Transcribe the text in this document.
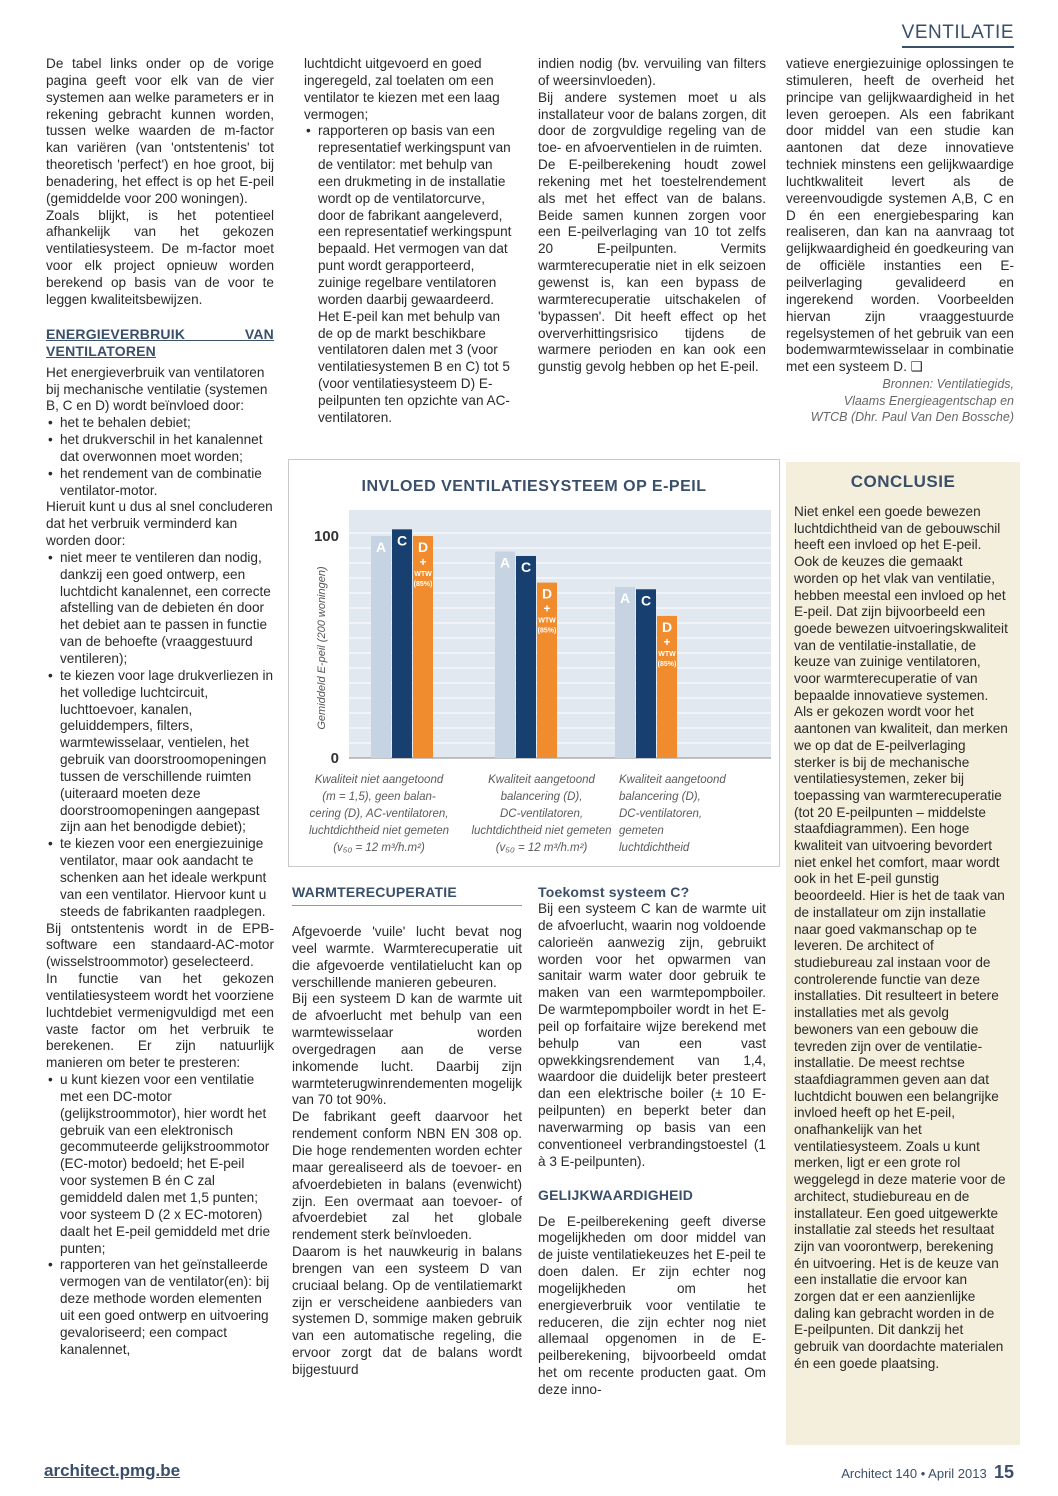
VENTILATIE

De tabel links onder op de vorige pagina geeft voor elk van de vier systemen aan welke parameters er in rekening gebracht kunnen worden, tussen welke waarden de m-factor kan variëren (van 'ontstentenis' tot theoretisch 'perfect') en hoe groot, bij benadering, het effect is op het E-peil (gemiddelde voor 200 woningen).

Zoals blijkt, is het potentieel afhankelijk van het gekozen ventilatiesysteem. De m-factor moet voor elk project opnieuw worden berekend op basis van de voor te leggen kwaliteitsbewijzen.

ENERGIEVERBRUIK VAN VENTILATOREN

Het energieverbruik van ventilatoren bij mechanische ventilatie (systemen B, C en D) wordt beïnvloed door:

• het te behalen debiet;

• het drukverschil in het kanalennet dat overwonnen moet worden;

• het rendement van de combinatie ventilator-motor.

Hieruit kunt u dus al snel concluderen dat het verbruik verminderd kan worden door:

• niet meer te ventileren dan nodig, dankzij een goed ontwerp, een luchtdicht kanalennet, een correcte afstelling van de debieten én door het debiet aan te passen in functie van de behoefte (vraaggestuurd ventileren);

• te kiezen voor lage drukverliezen in het volledige luchtcircuit, luchttoevoer, kanalen, geluiddempers, filters, warmtewisselaar, ventielen, het gebruik van doorstroomopeningen tussen de verschillende ruimten (uiteraard moeten deze doorstroomopeningen aangepast zijn aan het benodigde debiet);

• te kiezen voor een energiezuinige ventilator, maar ook aandacht te schenken aan het ideale werkpunt van een ventilator. Hiervoor kunt u steeds de fabrikanten raadplegen.

Bij ontstentenis wordt in de EPB-software een standaard-AC-motor (wisselstroommotor) geselecteerd.

In functie van het gekozen ventilatiesysteem wordt het voorziene luchtdebiet vermenigvuldigd met een vaste factor om het verbruik te berekenen. Er zijn natuurlijk manieren om beter te presteren:

• u kunt kiezen voor een ventilatie met een DC-motor (gelijkstroommotor), hier wordt het gebruik van een elektronisch gecommuteerde gelijkstroommotor (EC-motor) bedoeld; het E-peil voor systemen B én C zal gemiddeld dalen met 1,5 punten; voor systeem D (2 x EC-motoren) daalt het E-peil gemiddeld met drie punten;

• rapporteren van het geïnstalleerde vermogen van de ventilator(en): bij deze methode worden elementen uit een goed ontwerp en uitvoering gevaloriseerd; een compact kanalennet,

luchtdicht uitgevoerd en goed ingeregeld, zal toelaten om een ventilator te kiezen met een laag vermogen;

• rapporteren op basis van een representatief werkingspunt van de ventilator: met behulp van een drukmeting in de installatie wordt op de ventilatorcurve, door de fabrikant aangeleverd, een representatief werkingspunt bepaald. Het vermogen van dat punt wordt gerapporteerd, zuinige regelbare ventilatoren worden daarbij gewaardeerd. Het E-peil kan met behulp van de op de markt beschikbare ventilatoren dalen met 3 (voor ventilatiesystemen B en C) tot 5 (voor ventilatiesysteem D) E-peilpunten ten opzichte van AC-ventilatoren.

indien nodig (bv. vervuiling van filters of weersinvloeden).

Bij andere systemen moet u als installateur voor de balans zorgen, dit door de zorgvuldige regeling van de toe- en afvoerventielen in de ruimten.

De E-peilberekening houdt zowel rekening met het toestelrendement als met het effect van de balans. Beide samen kunnen zorgen voor een E-peilverlaging van 10 tot zelfs 20 E-peilpunten. Vermits warmterecuperatie niet in elk seizoen gewenst is, kan een bypass de warmterecuperatie uitschakelen of 'bypassen'. Dit heeft effect op het oververhittingsrisico tijdens de warmere perioden en kan ook een gunstig gevolg hebben op het E-peil.

vatieve energiezuinige oplossingen te stimuleren, heeft de overheid het principe van gelijkwaardigheid in het leven geroepen. Als een fabrikant door middel van een studie kan aantonen dat deze innovatieve techniek minstens een gelijkwaardige luchtkwaliteit levert als de vereenvoudigde systemen A,B, C en D én een energiebesparing kan realiseren, dan kan na aanvraag tot gelijkwaardigheid én goedkeuring van de officiële instanties een E-peilverlaging gevalideerd en ingerekend worden. Voorbeelden hiervan zijn vraaggestuurde regelsystemen of het gebruik van een bodemwarmtewisselaar in combinatie met een systeem D. ❑

Bronnen: Ventilatiegids,

Vlaams Energieagentschap en

WTCB (Dhr. Paul Van Den Bossche)

INVLOED VENTILATIESYSTEEM OP E-PEIL
100
0
Gemiddeld E-peil (200 woningen)
A C D
+
WTW
(85%)
A C
D
+
WTW
(85%)
A C
D
+
WTW
(85%)
Kwaliteit niet aangetoond
(m = 1,5), geen balan-
cering (D), AC-ventilatoren,
luchtdichtheid niet gemeten
(v₅₀ = 12 m³/h.m²)
Kwaliteit aangetoond
balancering (D),
DC-ventilatoren,
luchtdichtheid niet gemeten
(v₅₀ = 12 m³/h.m²)
Kwaliteit aangetoond
balancering (D),
DC-ventilatoren,
gemeten
luchtdichtheid

WARMTERECUPERATIE

Afgevoerde 'vuile' lucht bevat nog veel warmte. Warmterecuperatie uit die afgevoerde ventilatielucht kan op verschillende manieren gebeuren.

Bij een systeem D kan de warmte uit de afvoerlucht met behulp van een warmtewisselaar worden overgedragen aan de verse inkomende lucht. Daarbij zijn warmteterugwinrendementen mogelijk van 70 tot 90%.

De fabrikant geeft daarvoor het rendement conform NBN EN 308 op. Die hoge rendementen worden echter maar gerealiseerd als de toevoer- en afvoerdebieten in balans (evenwicht) zijn. Een overmaat aan toevoer- of afvoerdebiet zal het globale rendement sterk beïnvloeden.

Daarom is het nauwkeurig in balans brengen van een systeem D van cruciaal belang. Op de ventilatiemarkt zijn er verscheidene aanbieders van systemen D, sommige maken gebruik van een automatische regeling, die ervoor zorgt dat de balans wordt bijgestuurd

Toekomst systeem C?

Bij een systeem C kan de warmte uit de afvoerlucht, waarin nog voldoende calorieën aanwezig zijn, gebruikt worden voor het opwarmen van sanitair warm water door gebruik te maken van een warmtepompboiler. De warmtepompboiler wordt in het E-peil op forfaitaire wijze berekend met behulp van een vast opwekkingsrendement van 1,4, waardoor die duidelijk beter presteert dan een elektrische boiler (± 10 E-peilpunten) en beperkt beter dan naverwarming op basis van een conventioneel verbrandingstoestel (1 à 3 E-peilpunten).

GELIJKWAARDIGHEID

De E-peilberekening geeft diverse mogelijkheden om door middel van de juiste ventilatiekeuzes het E-peil te doen dalen. Er zijn echter nog mogelijkheden om het energieverbruik voor ventilatie te reduceren, die zijn echter nog niet allemaal opgenomen in de E-peilberekening, bijvoorbeeld omdat het om recente producten gaat. Om deze inno-

CONCLUSIE
Niet enkel een goede bewezen luchtdichtheid van de gebouwschil heeft een invloed op het E-peil. Ook de keuzes die gemaakt worden op het vlak van ventilatie, hebben meestal een invloed op het E-peil. Dat zijn bijvoorbeeld een goede bewezen uitvoeringskwaliteit van de ventilatie-installatie, de keuze van zuinige ventilatoren, voor warmterecuperatie of van bepaalde innovatieve systemen. Als er gekozen wordt voor het aantonen van kwaliteit, dan merken we op dat de E-peilverlaging sterker is bij de mechanische ventilatiesystemen, zeker bij toepassing van warmterecuperatie (tot 20 E-peilpunten – middelste staafdiagrammen). Een hoge kwaliteit van uitvoering bevordert niet enkel het comfort, maar wordt ook in het E-peil gunstig beoordeeld. Hier is het de taak van de installateur om zijn installatie naar goed vakmanschap op te leveren. De architect of studiebureau zal instaan voor de controlerende functie van deze installaties. Dit resulteert in betere installaties met als gevolg bewoners van een gebouw die tevreden zijn over de ventilatie-installatie. De meest rechtse staafdiagrammen geven aan dat luchtdicht bouwen een belangrijke invloed heeft op het E-peil, onafhankelijk van het ventilatiesysteem. Zoals u kunt merken, ligt er een grote rol weggelegd in deze materie voor de architect, studiebureau en de installateur. Een goed uitgewerkte installatie zal steeds het resultaat zijn van voorontwerp, berekening én uitvoering. Het is de keuze van een installatie die ervoor kan zorgen dat er een aanzienlijke daling kan gebracht worden in de E-peilpunten. Dit dankzij het gebruik van doordachte materialen én een goede plaatsing.
architect.pmg.be	Architect 140 • April 2013 15
